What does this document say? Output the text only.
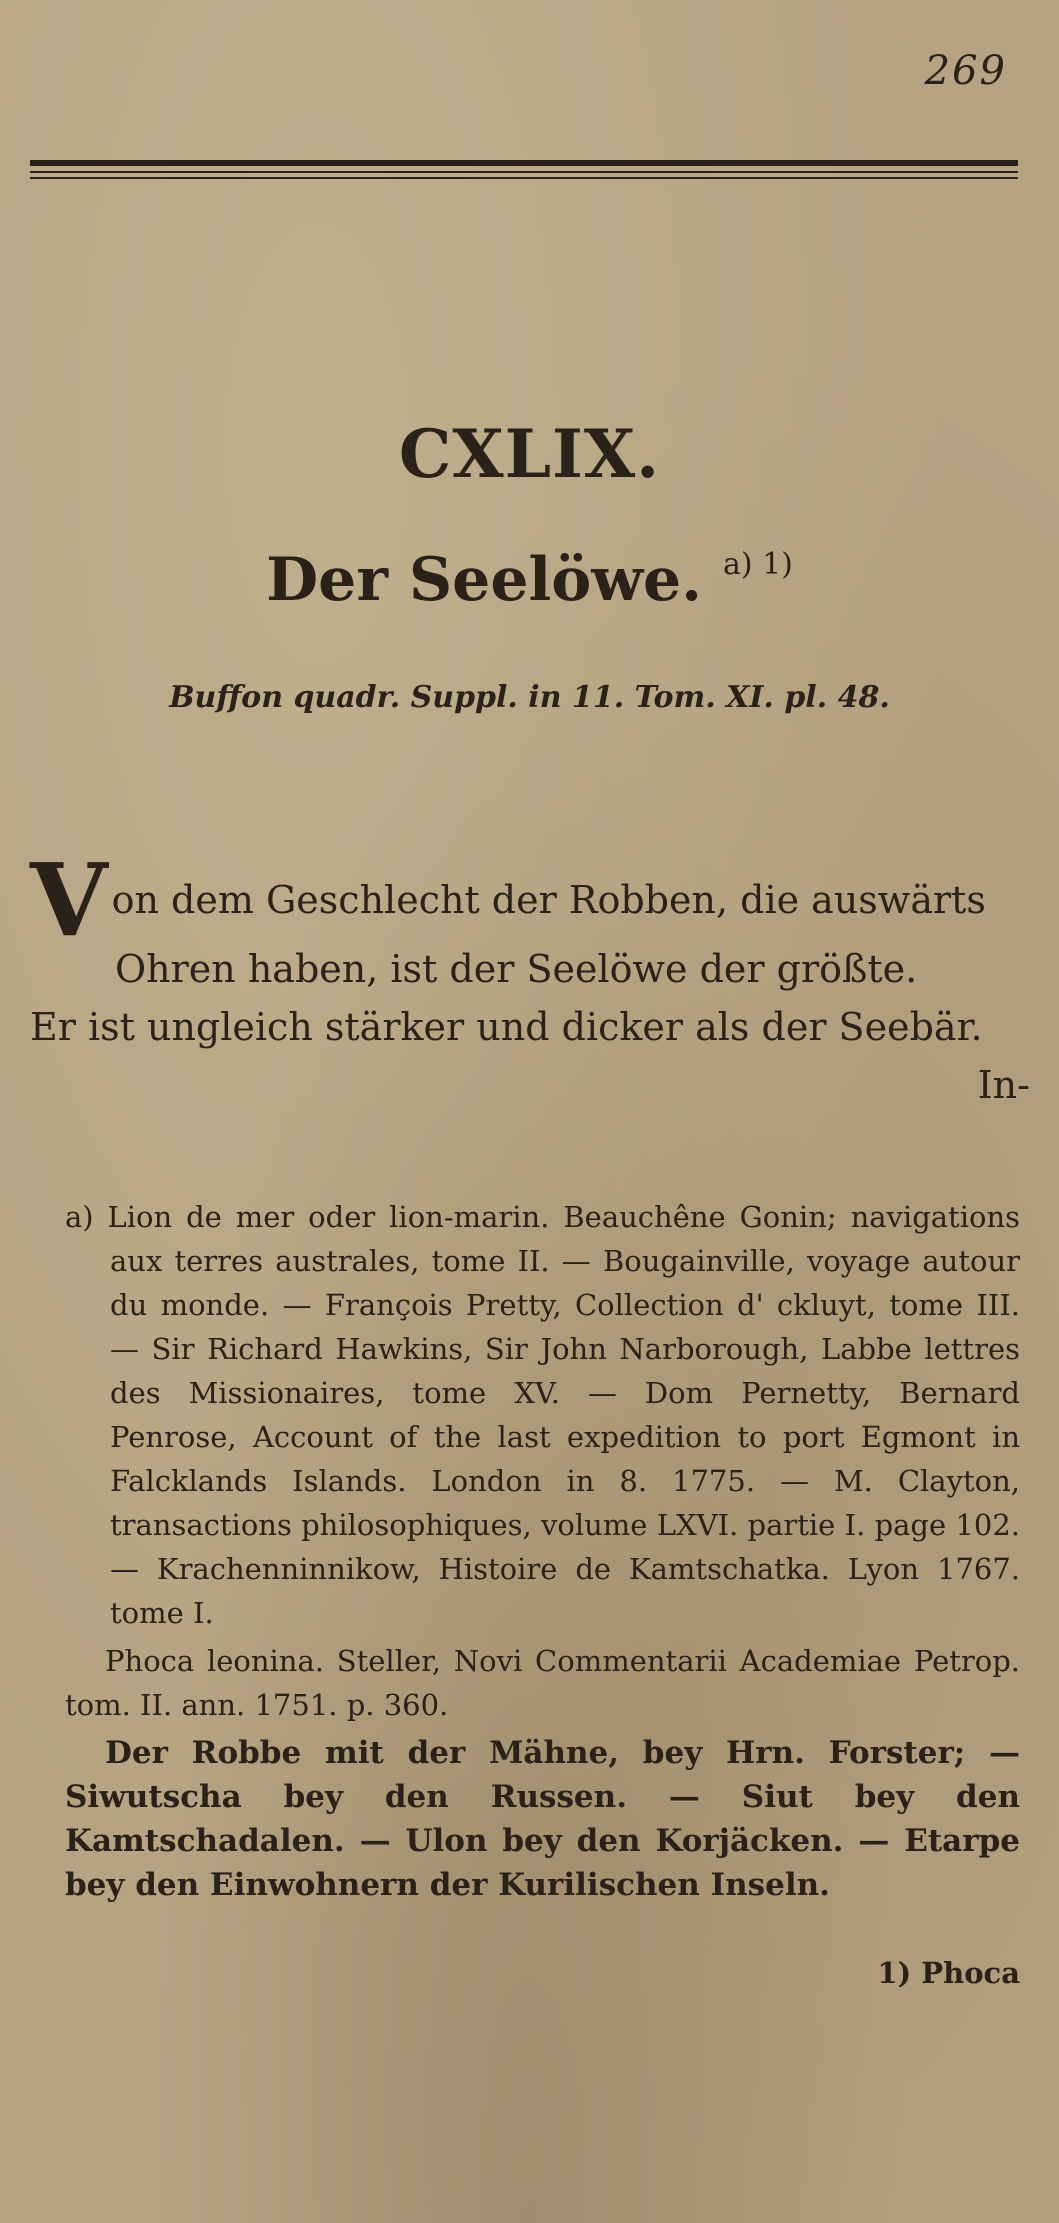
269
CXLIX.
Der Seelöwe. $^{a) 1)}$
Buffon quadr. Suppl. in 11. Tom. XI. pl. 48.
Von dem Geschlecht der Robben, die auswärts
Ohren haben, ist der Seelöwe der größte.
Er ist ungleich stärker und dicker als der Seebär.
In-

a) Lion de mer oder lion-marin. Beauchêne Gonin; navigations aux terres australes, tome II. — Bougainville, voyage autour du monde. — François Pretty, Collection d' ckluyt, tome III. — Sir Richard Hawkins, Sir John Narborough, Labbe lettres des Missionaires, tome XV. — Dom Pernetty, Bernard Penrose, Account of the last expedition to port Egmont in Falcklands Islands. London in 8. 1775. — M. Clayton, transactions philosophiques, volume LXVI. partie I. page 102. — Krachenninnikow, Histoire de Kamtschatka. Lyon 1767. tome I.

Phoca leonina. Steller, Novi Commentarii Academiae Petrop. tom. II. ann. 1751. p. 360.

Der Robbe mit der Mähne, bey Hrn. Forster; — Siwutscha bey den Russen. — Siut bey den Kamtschadalen. — Ulon bey den Korjäcken. — Etarpe bey den Einwohnern der Kurilischen Inseln.

1) Phoca
